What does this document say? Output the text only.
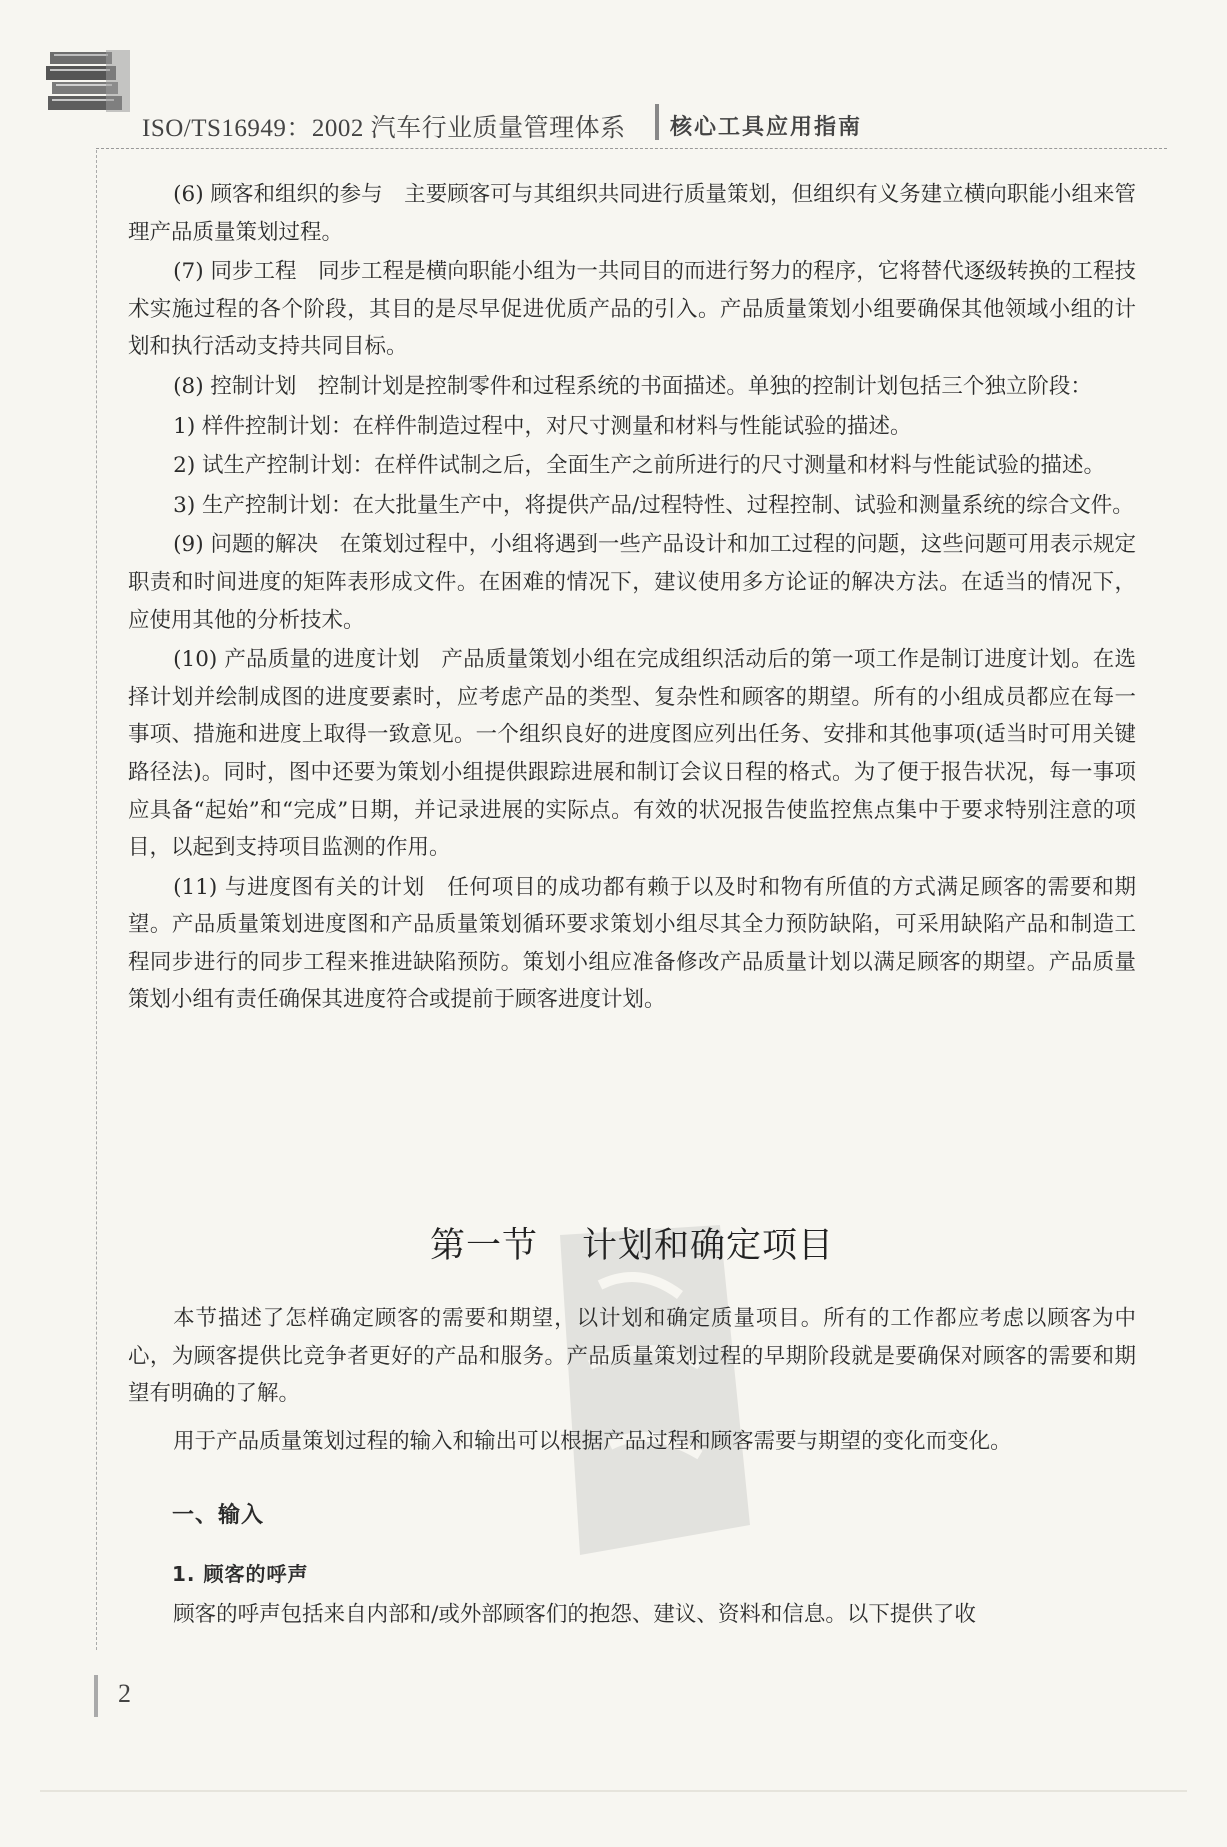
ISO/TS16949：2002 汽车行业质量管理体系 核心工具应用指南

(6) 顾客和组织的参与　主要顾客可与其组织共同进行质量策划，但组织有义务建立横向职能小组来管理产品质量策划过程。

(7) 同步工程　同步工程是横向职能小组为一共同目的而进行努力的程序，它将替代逐级转换的工程技术实施过程的各个阶段，其目的是尽早促进优质产品的引入。产品质量策划小组要确保其他领域小组的计划和执行活动支持共同目标。

(8) 控制计划　控制计划是控制零件和过程系统的书面描述。单独的控制计划包括三个独立阶段：

1) 样件控制计划：在样件制造过程中，对尺寸测量和材料与性能试验的描述。

2) 试生产控制计划：在样件试制之后，全面生产之前所进行的尺寸测量和材料与性能试验的描述。

3) 生产控制计划：在大批量生产中，将提供产品/过程特性、过程控制、试验和测量系统的综合文件。

(9) 问题的解决　在策划过程中，小组将遇到一些产品设计和加工过程的问题，这些问题可用表示规定职责和时间进度的矩阵表形成文件。在困难的情况下，建议使用多方论证的解决方法。在适当的情况下，应使用其他的分析技术。

(10) 产品质量的进度计划　产品质量策划小组在完成组织活动后的第一项工作是制订进度计划。在选择计划并绘制成图的进度要素时，应考虑产品的类型、复杂性和顾客的期望。所有的小组成员都应在每一事项、措施和进度上取得一致意见。一个组织良好的进度图应列出任务、安排和其他事项(适当时可用关键路径法)。同时，图中还要为策划小组提供跟踪进展和制订会议日程的格式。为了便于报告状况，每一事项应具备“起始”和“完成”日期，并记录进展的实际点。有效的状况报告使监控焦点集中于要求特别注意的项目，以起到支持项目监测的作用。

(11) 与进度图有关的计划　任何项目的成功都有赖于以及时和物有所值的方式满足顾客的需要和期望。产品质量策划进度图和产品质量策划循环要求策划小组尽其全力预防缺陷，可采用缺陷产品和制造工程同步进行的同步工程来推进缺陷预防。策划小组应准备修改产品质量计划以满足顾客的期望。产品质量策划小组有责任确保其进度符合或提前于顾客进度计划。

第一节 计划和确定项目

本节描述了怎样确定顾客的需要和期望，以计划和确定质量项目。所有的工作都应考虑以顾客为中心，为顾客提供比竞争者更好的产品和服务。产品质量策划过程的早期阶段就是要确保对顾客的需要和期望有明确的了解。

用于产品质量策划过程的输入和输出可以根据产品过程和顾客需要与期望的变化而变化。

一、输入
1. 顾客的呼声

顾客的呼声包括来自内部和/或外部顾客们的抱怨、建议、资料和信息。以下提供了收

2
